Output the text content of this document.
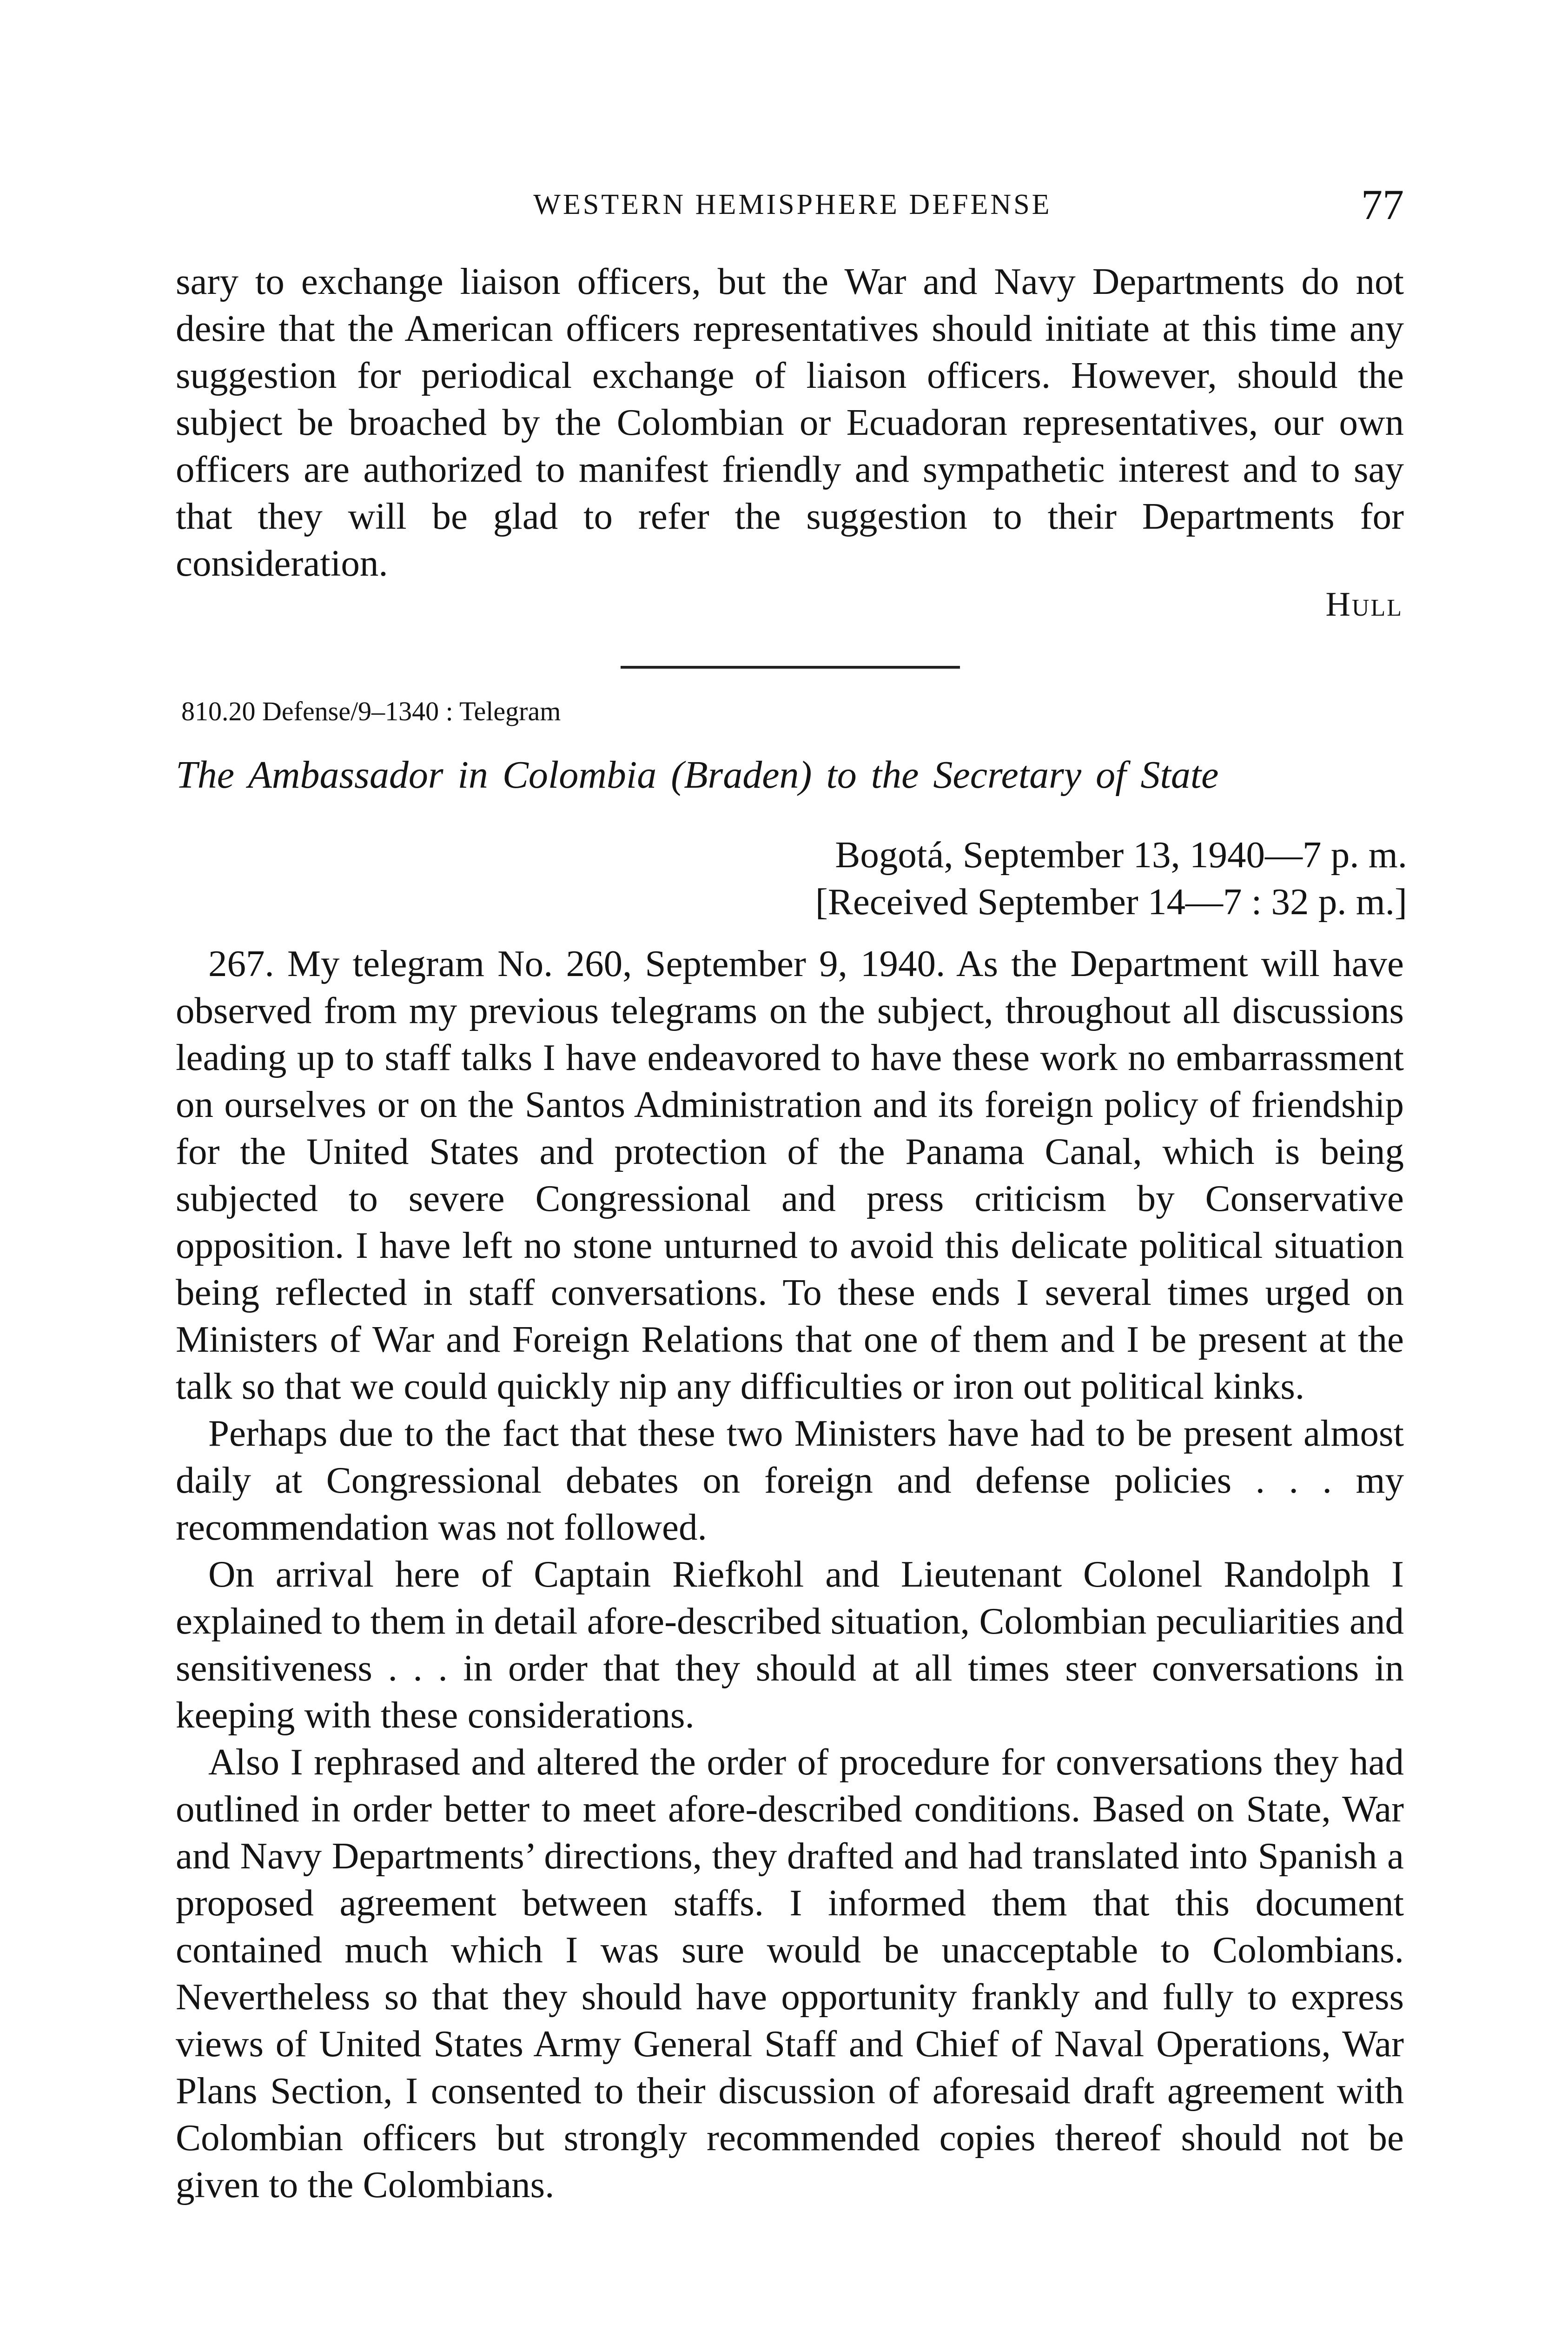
WESTERN HEMISPHERE DEFENSE	77

sary to exchange liaison officers, but the War and Navy Departments do not desire that the American officers representatives should initiate at this time any suggestion for periodical exchange of liaison officers. However, should the subject be broached by the Colombian or Ecuadoran representatives, our own officers are authorized to manifest friendly and sympathetic interest and to say that they will be glad to refer the suggestion to their Departments for consideration.

Hull
810.20 Defense/9–1340 : Telegram
The Ambassador in Colombia (Braden) to the Secretary of State
Bogotá, September 13, 1940—7 p. m.
[Received September 14—7 : 32 p. m.]

267. My telegram No. 260, September 9, 1940. As the Department will have observed from my previous telegrams on the subject, throughout all discussions leading up to staff talks I have endeavored to have these work no embarrassment on ourselves or on the Santos Administration and its foreign policy of friendship for the United States and protection of the Panama Canal, which is being subjected to severe Congressional and press criticism by Conservative opposition. I have left no stone unturned to avoid this delicate political situation being reflected in staff conversations. To these ends I several times urged on Ministers of War and Foreign Relations that one of them and I be present at the talk so that we could quickly nip any difficulties or iron out political kinks.

Perhaps due to the fact that these two Ministers have had to be present almost daily at Congressional debates on foreign and defense policies . . . my recommendation was not followed.

On arrival here of Captain Riefkohl and Lieutenant Colonel Randolph I explained to them in detail afore-described situation, Colombian peculiarities and sensitiveness . . . in order that they should at all times steer conversations in keeping with these considerations.

Also I rephrased and altered the order of procedure for conversations they had outlined in order better to meet afore-described conditions. Based on State, War and Navy Departments’ directions, they drafted and had translated into Spanish a proposed agreement between staffs. I informed them that this document contained much which I was sure would be unacceptable to Colombians. Nevertheless so that they should have opportunity frankly and fully to express views of United States Army General Staff and Chief of Naval Operations, War Plans Section, I consented to their discussion of aforesaid draft agreement with Colombian officers but strongly recommended copies thereof should not be given to the Colombians.
